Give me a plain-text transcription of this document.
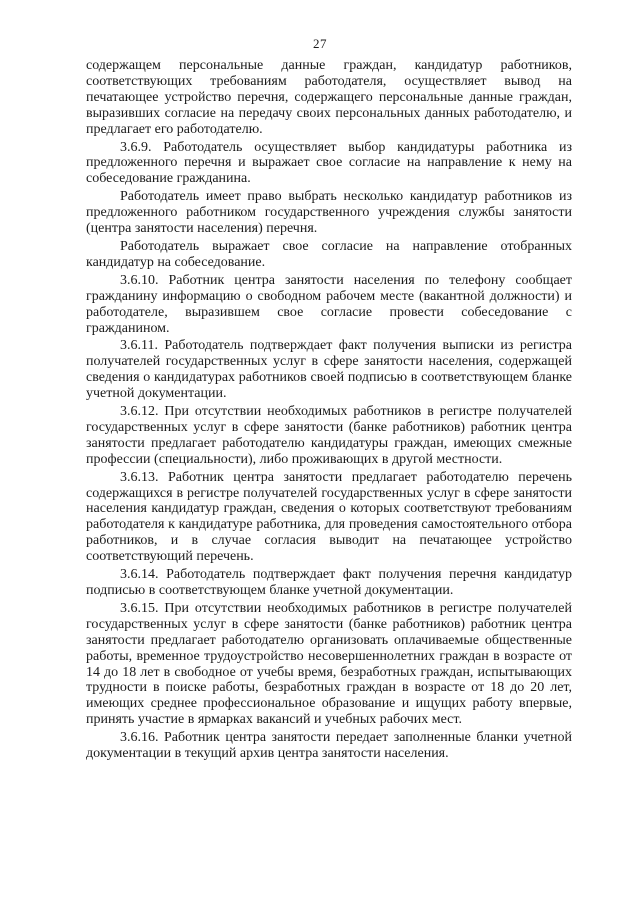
27

содержащем персональные данные граждан, кандидатур работников, соответствующих требованиям работодателя, осуществляет вывод на печатающее устройство перечня, содержащего персональные данные граждан, выразивших согласие на передачу своих персональных данных работодателю, и предлагает его работодателю.

3.6.9. Работодатель осуществляет выбор кандидатуры работника из предложенного перечня и выражает свое согласие на направление к нему на собеседование гражданина.

Работодатель имеет право выбрать несколько кандидатур работников из предложенного работником государственного учреждения службы занятости (центра занятости населения) перечня.

Работодатель выражает свое согласие на направление отобранных кандидатур на собеседование.

3.6.10. Работник центра занятости населения по телефону сообщает гражданину информацию о свободном рабочем месте (вакантной должности) и работодателе, выразившем свое согласие провести собеседование с гражданином.

3.6.11. Работодатель подтверждает факт получения выписки из регистра получателей государственных услуг в сфере занятости населения, содержащей сведения о кандидатурах работников своей подписью в соответствующем бланке учетной документации.

3.6.12. При отсутствии необходимых работников в регистре получателей государственных услуг в сфере занятости (банке работников) работник центра занятости предлагает работодателю кандидатуры граждан, имеющих смежные профессии (специальности), либо проживающих в другой местности.

3.6.13. Работник центра занятости предлагает работодателю перечень содержащихся в регистре получателей государственных услуг в сфере занятости населения кандидатур граждан, сведения о которых соответствуют требованиям работодателя к кандидатуре работника, для проведения самостоятельного отбора работников, и в случае согласия выводит на печатающее устройство соответствующий перечень.

3.6.14. Работодатель подтверждает факт получения перечня кандидатур подписью в соответствующем бланке учетной документации.

3.6.15. При отсутствии необходимых работников в регистре получателей государственных услуг в сфере занятости (банке работников) работник центра занятости предлагает работодателю организовать оплачиваемые общественные работы, временное трудоустройство несовершеннолетних граждан в возрасте от 14 до 18 лет в свободное от учебы время, безработных граждан, испытывающих трудности в поиске работы, безработных граждан в возрасте от 18 до 20 лет, имеющих среднее профессиональное образование и ищущих работу впервые, принять участие в ярмарках вакансий и учебных рабочих мест.

3.6.16. Работник центра занятости передает заполненные бланки учетной документации в текущий архив центра занятости населения.
